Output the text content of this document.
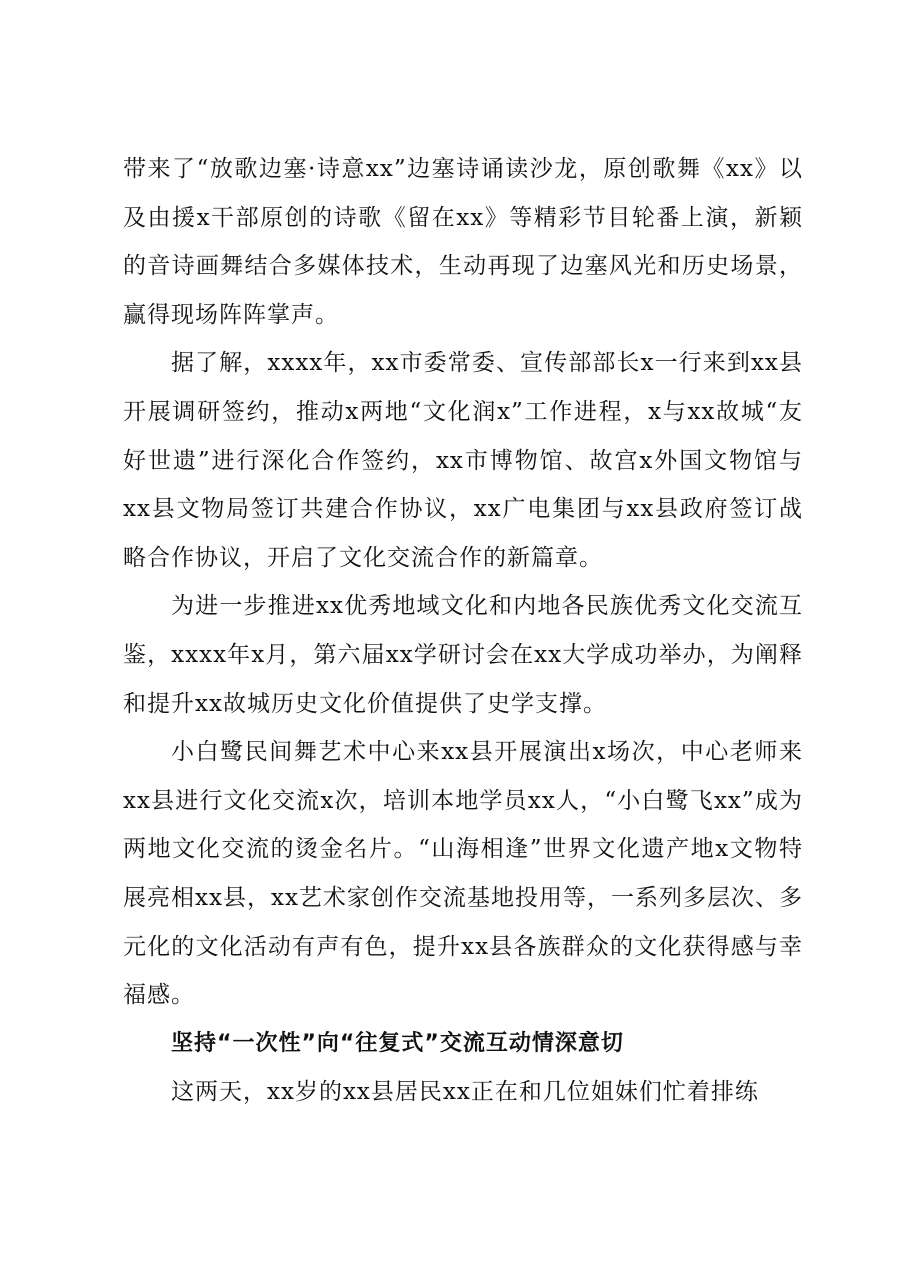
带来了“放歌边塞·诗意xx”边塞诗诵读沙龙，原创歌舞《xx》以及由援x干部原创的诗歌《留在xx》等精彩节目轮番上演，新颖的音诗画舞结合多媒体技术，生动再现了边塞风光和历史场景，赢得现场阵阵掌声。

据了解，xxxx年，xx市委常委、宣传部部长x一行来到xx县开展调研签约，推动x两地“文化润x”工作进程，x与xx故城“友好世遗”进行深化合作签约，xx市博物馆、故宫x外国文物馆与xx县文物局签订共建合作协议，xx广电集团与xx县政府签订战略合作协议，开启了文化交流合作的新篇章。

为进一步推进xx优秀地域文化和内地各民族优秀文化交流互鉴，xxxx年x月，第六届xx学研讨会在xx大学成功举办，为阐释和提升xx故城历史文化价值提供了史学支撑。

小白鹭民间舞艺术中心来xx县开展演出x场次，中心老师来xx县进行文化交流x次，培训本地学员xx人，“小白鹭飞xx”成为两地文化交流的烫金名片。“山海相逢”世界文化遗产地x文物特展亮相xx县，xx艺术家创作交流基地投用等，一系列多层次、多元化的文化活动有声有色，提升xx县各族群众的文化获得感与幸福感。

坚持“一次性”向“往复式”交流互动情深意切

这两天，xx岁的xx县居民xx正在和几位姐妹们忙着排练
